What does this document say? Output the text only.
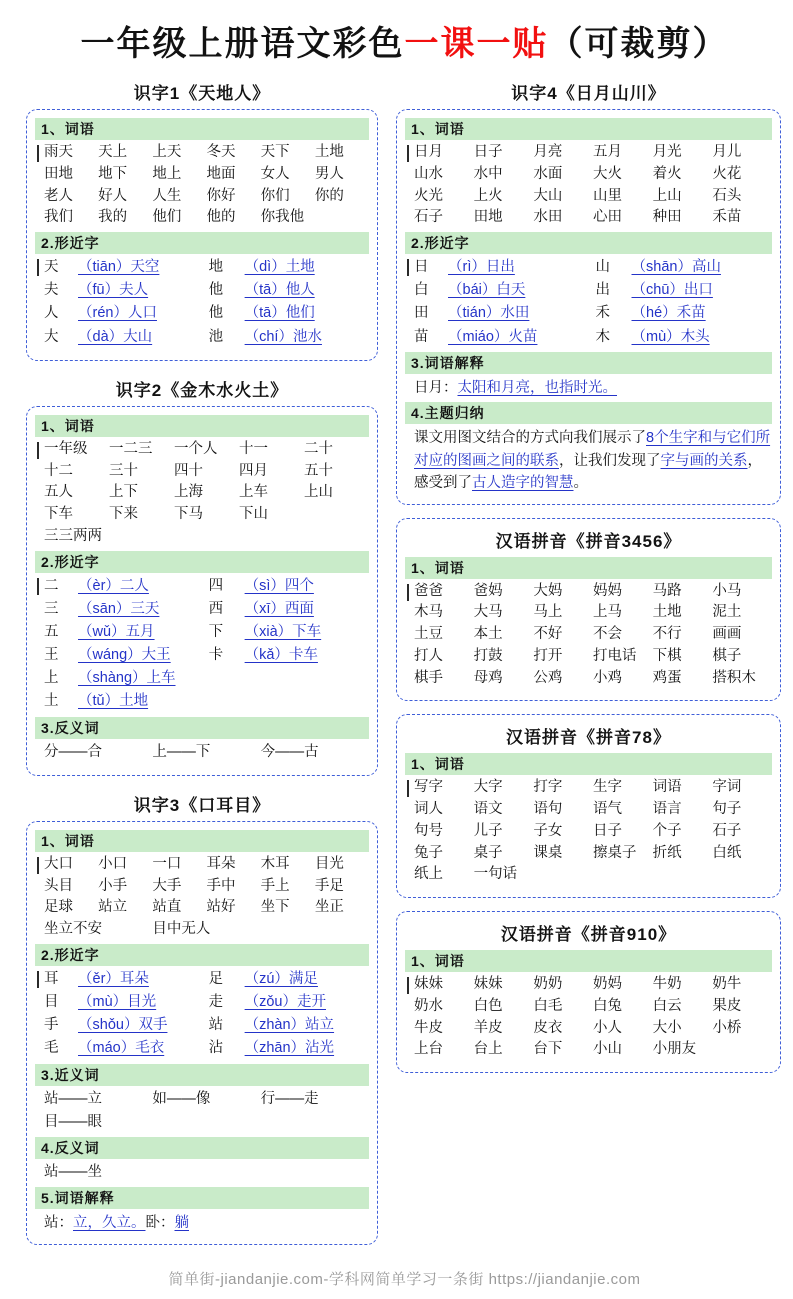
一年级上册语文彩色一课一贴（可裁剪）
识字1《天地人》
1、词语
雨天	天上	上天	冬天	天下	土地
田地	地下	地上	地面	女人	男人
老人	好人	人生	你好	你们	你的
我们	我的	他们	他的	你我他
2.形近字
天	（tiān）天空	地	（dì）土地
夫	（fū）夫人	他	（tā）他人
人	（rén）人口	他	（tā）他们
大	（dà）大山	池	（chí）池水
识字2《金木水火土》
1、词语
一年级	一二三	一个人	十一	二十
十二	三十	四十	四月	五十
五人	上下	上海	上车	上山
下车	下来	下马	下山
三三两两
2.形近字
二	（èr）二人	四	（sì）四个
三	（sān）三天	西	（xī）西面
五	（wǔ）五月	下	（xià）下车
王	（wáng）大王	卡	（kǎ）卡车
上	（shàng）上车
土	（tǔ）土地
3.反义词
分——合	上——下	今——古
识字3《口耳目》
1、词语
大口	小口	一口	耳朵	木耳	目光
头目	小手	大手	手中	手上	手足
足球	站立	站直	站好	坐下	坐正
坐立不安	目中无人
2.形近字
耳	（ěr）耳朵	足	（zú）满足
目	（mù）目光	走	（zǒu）走开
手	（shǒu）双手	站	（zhàn）站立
毛	（máo）毛衣	沾	（zhān）沾光
3.近义词
站——立	如——像	行——走
目——眼
4.反义词
站——坐
5.词语解释
站：立，久立。卧：躺
识字4《日月山川》
1、词语
日月	日子	月亮	五月	月光	月儿
山水	水中	水面	大火	着火	火花
火光	上火	大山	山里	上山	石头
石子	田地	水田	心田	种田	禾苗
2.形近字
日	（rì）日出	山	（shān）高山
白	（bái）白天	出	（chū）出口
田	（tián）水田	禾	（hé）禾苗
苗	（miáo）火苗	木	（mù）木头
3.词语解释
日月：太阳和月亮，也指时光。
4.主题归纳
课文用图文结合的方式向我们展示了8个生字和与它们所对应的图画之间的联系，让我们发现了字与画的关系，感受到了古人造字的智慧。
汉语拼音《拼音3456》
1、词语
爸爸	爸妈	大妈	妈妈	马路	小马
木马	大马	马上	上马	土地	泥土
土豆	本土	不好	不会	不行	画画
打人	打鼓	打开	打电话	下棋	棋子
棋手	母鸡	公鸡	小鸡	鸡蛋	搭积木
汉语拼音《拼音78》
1、词语
写字	大字	打字	生字	词语	字词
词人	语文	语句	语气	语言	句子
句号	儿子	子女	日子	个子	石子
兔子	桌子	课桌	擦桌子	折纸	白纸
纸上	一句话
汉语拼音《拼音910》
1、词语
妹妹	妹妹	奶奶	奶妈	牛奶	奶牛
奶水	白色	白毛	白兔	白云	果皮
牛皮	羊皮	皮衣	小人	大小	小桥
上台	台上	台下	小山	小朋友
简单街-jiandanjie.com-学科网简单学习一条街 https://jiandanjie.com
